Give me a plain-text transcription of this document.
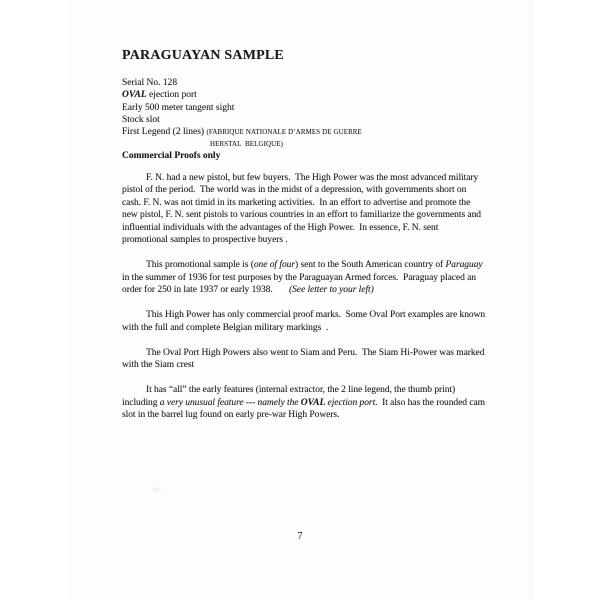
PARAGUAYAN SAMPLE
Serial No. 128
OVAL ejection port
Early 500 meter tangent sight
Stock slot
First Legend (2 lines) (FABRIQUE NATIONALE D’ARMES DE GUERRE
HERSTAL  BELGIQUE)
Commercial Proofs only

F. N. had a new pistol, but few buyers.  The High Power was the most advanced military pistol of the period.  The world was in the midst of a depression, with governments short on cash. F. N. was not timid in its marketing activities.  In an effort to advertise and promote the new pistol, F. N. sent pistols to various countries in an effort to familiarize the governments and influential individuals with the advantages of the High Power.  In essence, F. N. sent promotional samples to prospective buyers .

This promotional sample is (one of four) sent to the South American country of Paraguay in the summer of 1936 for test purposes by the Paraguayan Armed forces.  Paraguay placed an order for 250 in late 1937 or early 1938.       (See letter to your left)

This High Power has only commercial proof marks.  Some Oval Port examples are known with the full and complete Belgian military markings  .

The Oval Port High Powers also went to Siam and Peru.  The Siam Hi-Power was marked with the Siam crest

It has “all” the early features (internal extractor, the 2 line legend, the thumb print) including a very unusual feature --- namely the OVAL ejection port.  It also has the rounded cam slot in the barrel lug found on early pre-war High Powers.

7
